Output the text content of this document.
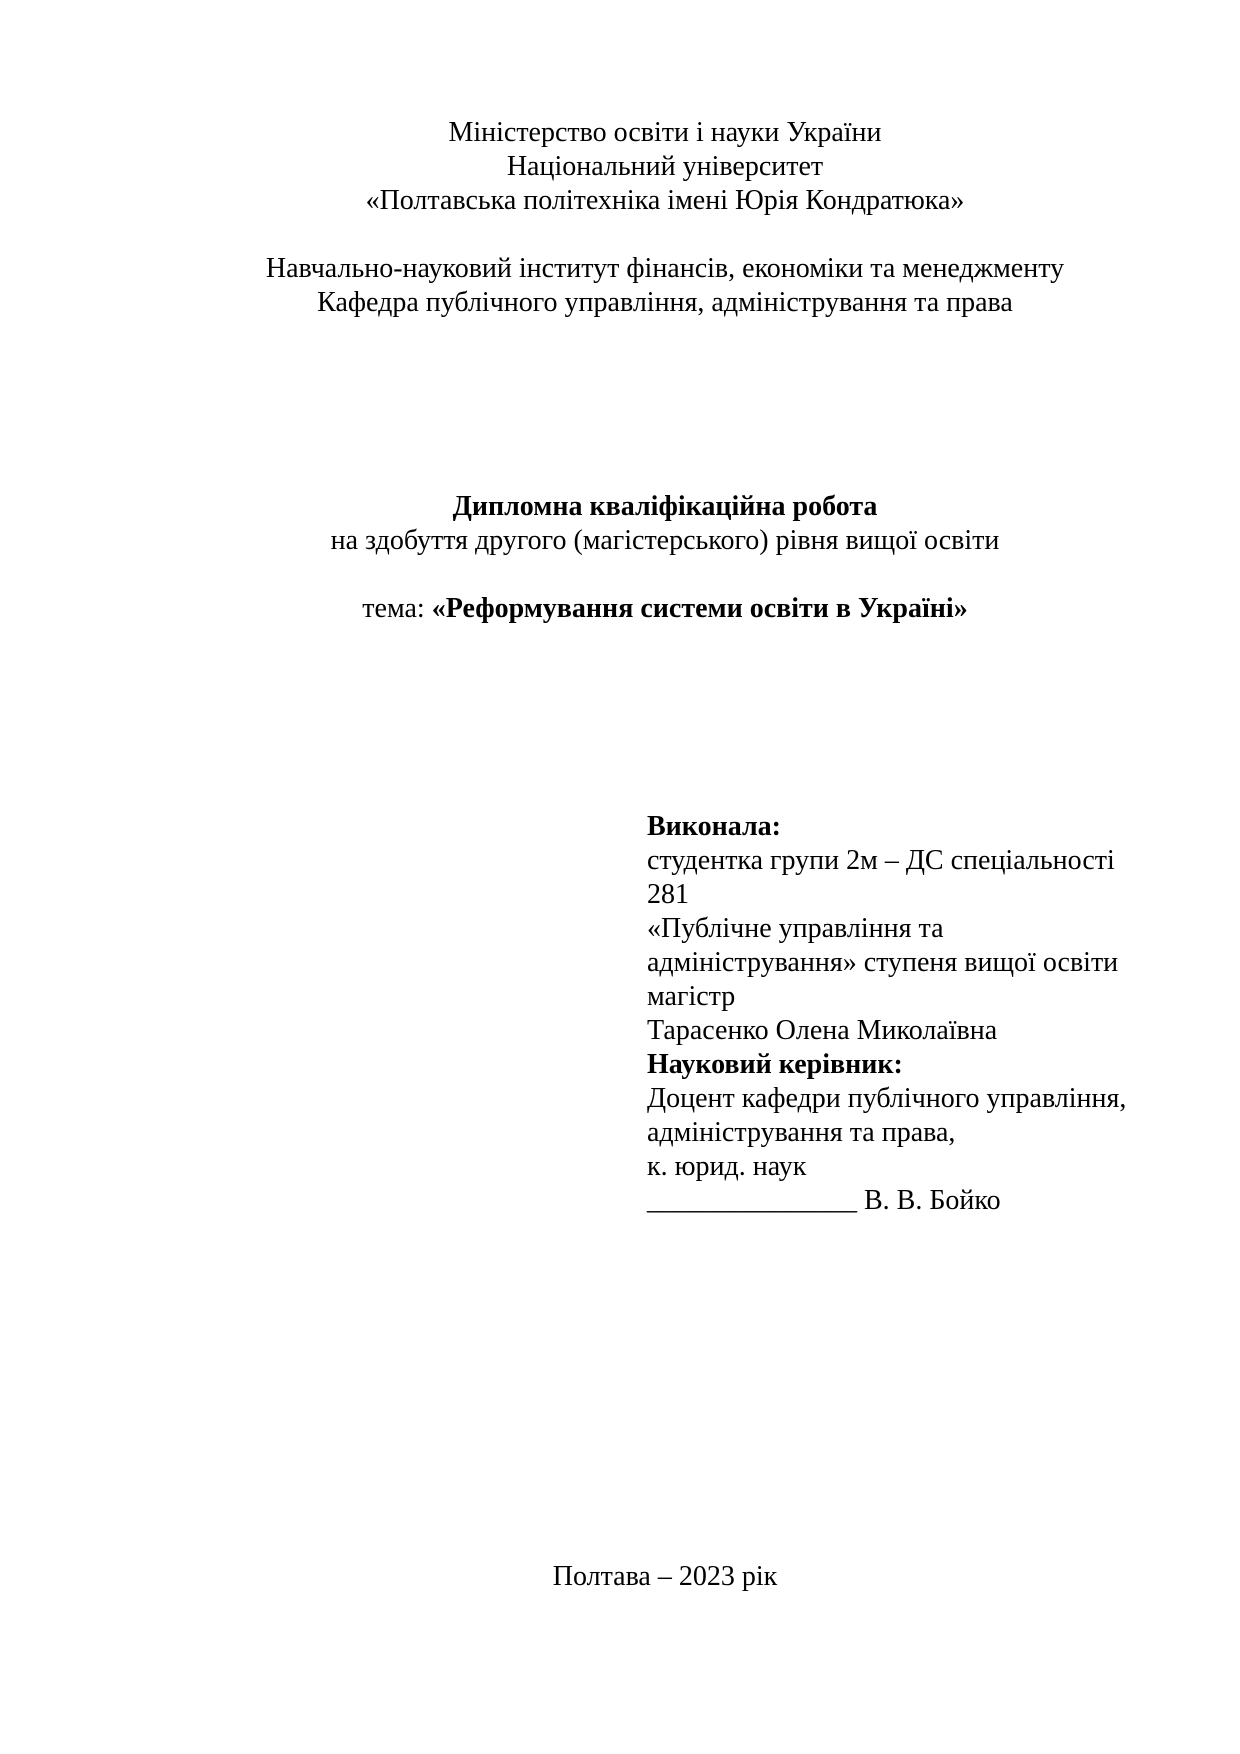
Міністерство освіти і науки України
Національний університет
«Полтавська політехніка імені Юрія Кондратюка»

Навчально-науковий інститут фінансів, економіки та менеджменту
Кафедра публічного управління, адміністрування та права
Дипломна кваліфікаційна робота
на здобуття другого (магістерського) рівня вищої освіти

тема: «Реформування системи освіти в Україні»
Виконала:
студентка групи 2м – ДС спеціальності
281
«Публічне управління та
адміністрування» ступеня вищої освіти
магістр
Тарасенко Олена Миколаївна
Науковий керівник:
Доцент кафедри публічного управління,
адміністрування та права,
к. юрид. наук
_______________ В. В. Бойко
Полтава – 2023 рік
